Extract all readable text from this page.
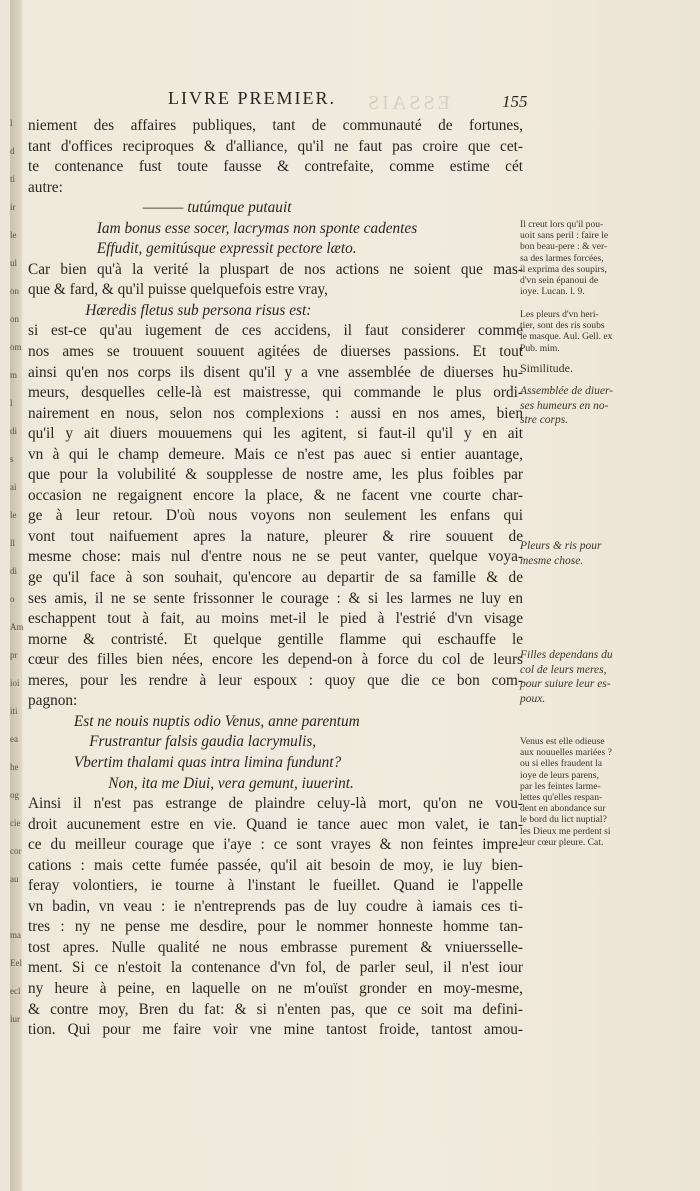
l
d
ti
ir
le
ul
on
on
om
m
l
di
s
ai
le
ll
di
o
Am
pr
ioi
iti
ea
he
og
cie
cor
au
ma
Eel
ecl
iur
ESSAIS
LIVRE PREMIER.	155
niement des affaires publiques, tant de communauté de fortunes,
tant d'offices reciproques & d'alliance, qu'il ne faut pas croire que cet-
te contenance fust toute fausse & contrefaite, comme estime cét
autre:
——— tutúmque putauit
Iam bonus esse socer, lacrymas non sponte cadentes
Effudit, gemitúsque expressit pectore læto.
Car bien qu'à la verité la pluspart de nos actions ne soient que mas-
que & fard, & qu'il puisse quelquefois estre vray,
Hæredis fletus sub persona risus est:
si est-ce qu'au iugement de ces accidens, il faut considerer comme
nos ames se trouuent souuent agitées de diuerses passions. Et tout
ainsi qu'en nos corps ils disent qu'il y a vne assemblée de diuerses hu-
meurs, desquelles celle-là est maistresse, qui commande le plus ordi-
nairement en nous, selon nos complexions : aussi en nos ames, bien
qu'il y ait diuers mouuemens qui les agitent, si faut-il qu'il y en ait
vn à qui le champ demeure. Mais ce n'est pas auec si entier auantage,
que pour la volubilité & soupplesse de nostre ame, les plus foibles par
occasion ne regaignent encore la place, & ne facent vne courte char-
ge à leur retour. D'où nous voyons non seulement les enfans qui
vont tout naifuement apres la nature, pleurer & rire souuent de
mesme chose: mais nul d'entre nous ne se peut vanter, quelque voya-
ge qu'il face à son souhait, qu'encore au departir de sa famille & de
ses amis, il ne se sente frissonner le courage : & si les larmes ne luy en
eschappent tout à fait, au moins met-il le pied à l'estrié d'vn visage
morne & contristé. Et quelque gentille flamme qui eschauffe le
cœur des filles bien nées, encore les depend-on à force du col de leurs
meres, pour les rendre à leur espoux : quoy que die ce bon com-
pagnon:
Est ne nouis nuptis odio Venus, anne parentum
Frustrantur falsis gaudia lacrymulis,
Vbertim thalami quas intra limina fundunt?
Non, ita me Diui, vera gemunt, iuuerint.
Ainsi il n'est pas estrange de plaindre celuy-là mort, qu'on ne vou-
droit aucunement estre en vie. Quand ie tance auec mon valet, ie tan-
ce du meilleur courage que i'aye : ce sont vrayes & non feintes impre-
cations : mais cette fumée passée, qu'il ait besoin de moy, ie luy bien-
feray volontiers, ie tourne à l'instant le fueillet. Quand ie l'appelle
vn badin, vn veau : ie n'entreprends pas de luy coudre à iamais ces ti-
tres : ny ne pense me desdire, pour le nommer honneste homme tan-
tost apres. Nulle qualité ne nous embrasse purement & vniuersselle-
ment. Si ce n'estoit la contenance d'vn fol, de parler seul, il n'est iour
ny heure à peine, en laquelle on ne m'ouïst gronder en moy-mesme,
& contre moy, Bren du fat: & si n'enten pas, que ce soit ma defini-
tion. Qui pour me faire voir vne mine tantost froide, tantost amou-
Il creut lors qu'il pou-
uoit sans peril : faire le
bon beau-pere : & ver-
sa des larmes forcées,
il exprima des soupirs,
d'vn sein épanoui de
ioye. Lucan. l. 9.
Les pleurs d'vn heri-
tier, sont des ris soubs
le masque. Aul. Gell. ex
Pub. mim.
Similitude.
Assemblée de diuer-
ses humeurs en no-
stre corps.
Pleurs & ris pour
mesme chose.
Filles dependans du
col de leurs meres,
pour suiure leur es-
poux.
Venus est elle odieuse
aux nouuelles mariées ?
ou si elles fraudent la
ioye de leurs parens,
par les feintes larme-
lettes qu'elles respan-
dent en abondance sur
le bord du lict nuptial?
les Dieux me perdent si
leur cœur pleure. Cat.
